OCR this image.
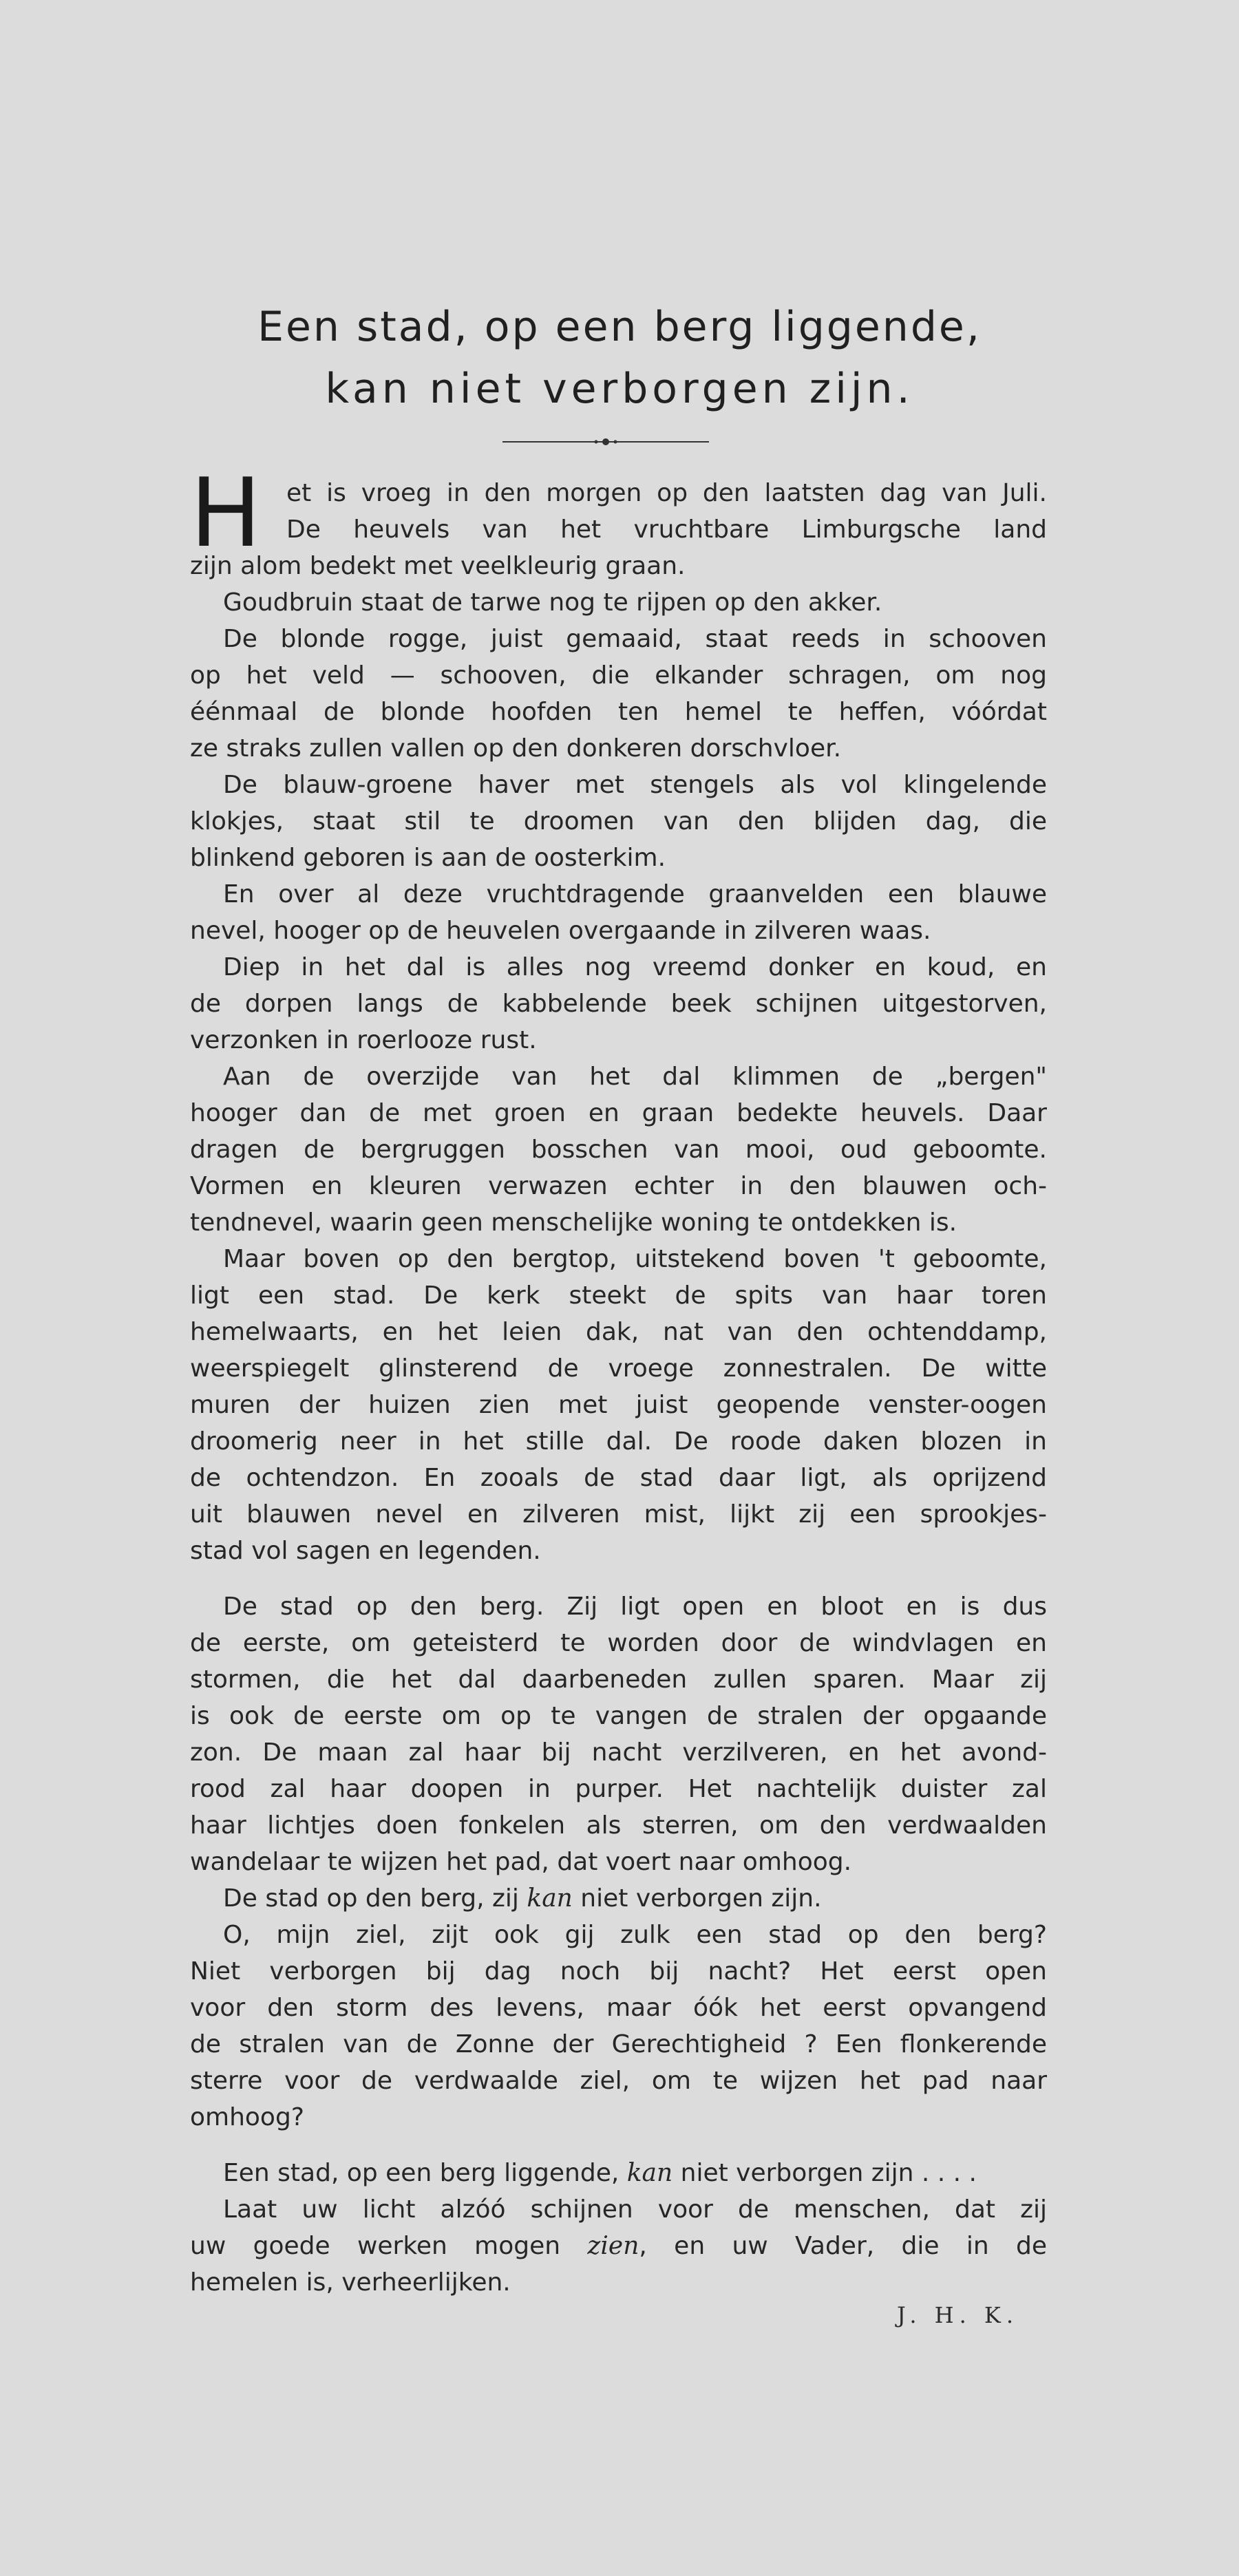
Een stad, op een berg liggende,
kan niet verborgen zijn.
H	et is vroeg in den morgen op den laatsten dag van Juli.
De heuvels van het vruchtbare Limburgsche land
zijn alom bedekt met veelkleurig graan.
Goudbruin staat de tarwe nog te rijpen op den akker.
De blonde rogge, juist gemaaid, staat reeds in schooven
op het veld — schooven, die elkander schragen, om nog
éénmaal de blonde hoofden ten hemel te heffen, vóórdat
ze straks zullen vallen op den donkeren dorschvloer.
De blauw-groene haver met stengels als vol klingelende
klokjes, staat stil te droomen van den blijden dag, die
blinkend geboren is aan de oosterkim.
En over al deze vruchtdragende graanvelden een blauwe
nevel, hooger op de heuvelen overgaande in zilveren waas.
Diep in het dal is alles nog vreemd donker en koud, en
de dorpen langs de kabbelende beek schijnen uitgestorven,
verzonken in roerlooze rust.
Aan de overzijde van het dal klimmen de „bergen"
hooger dan de met groen en graan bedekte heuvels. Daar
dragen de bergruggen bosschen van mooi, oud geboomte.
Vormen en kleuren verwazen echter in den blauwen och-
tendnevel, waarin geen menschelijke woning te ontdekken is.
Maar boven op den bergtop, uitstekend boven 't geboomte,
ligt een stad. De kerk steekt de spits van haar toren
hemelwaarts, en het leien dak, nat van den ochtenddamp,
weerspiegelt glinsterend de vroege zonnestralen. De witte
muren der huizen zien met juist geopende venster-oogen
droomerig neer in het stille dal. De roode daken blozen in
de ochtendzon. En zooals de stad daar ligt, als oprijzend
uit blauwen nevel en zilveren mist, lijkt zij een sprookjes-
stad vol sagen en legenden.
De stad op den berg. Zij ligt open en bloot en is dus
de eerste, om geteisterd te worden door de windvlagen en
stormen, die het dal daarbeneden zullen sparen. Maar zij
is ook de eerste om op te vangen de stralen der opgaande
zon. De maan zal haar bij nacht verzilveren, en het avond-
rood zal haar doopen in purper. Het nachtelijk duister zal
haar lichtjes doen fonkelen als sterren, om den verdwaalden
wandelaar te wijzen het pad, dat voert naar omhoog.
De stad op den berg, zij kan niet verborgen zijn.
O, mijn ziel, zijt ook gij zulk een stad op den berg?
Niet verborgen bij dag noch bij nacht? Het eerst open
voor den storm des levens, maar óók het eerst opvangend
de stralen van de Zonne der Gerechtigheid ? Een flonkerende
sterre voor de verdwaalde ziel, om te wijzen het pad naar
omhoog?
Een stad, op een berg liggende, kan niet verborgen zijn . . . .
Laat uw licht alzóó schijnen voor de menschen, dat zij
uw goede werken mogen zien, en uw Vader, die in de
hemelen is, verheerlijken.
J. H. K.
